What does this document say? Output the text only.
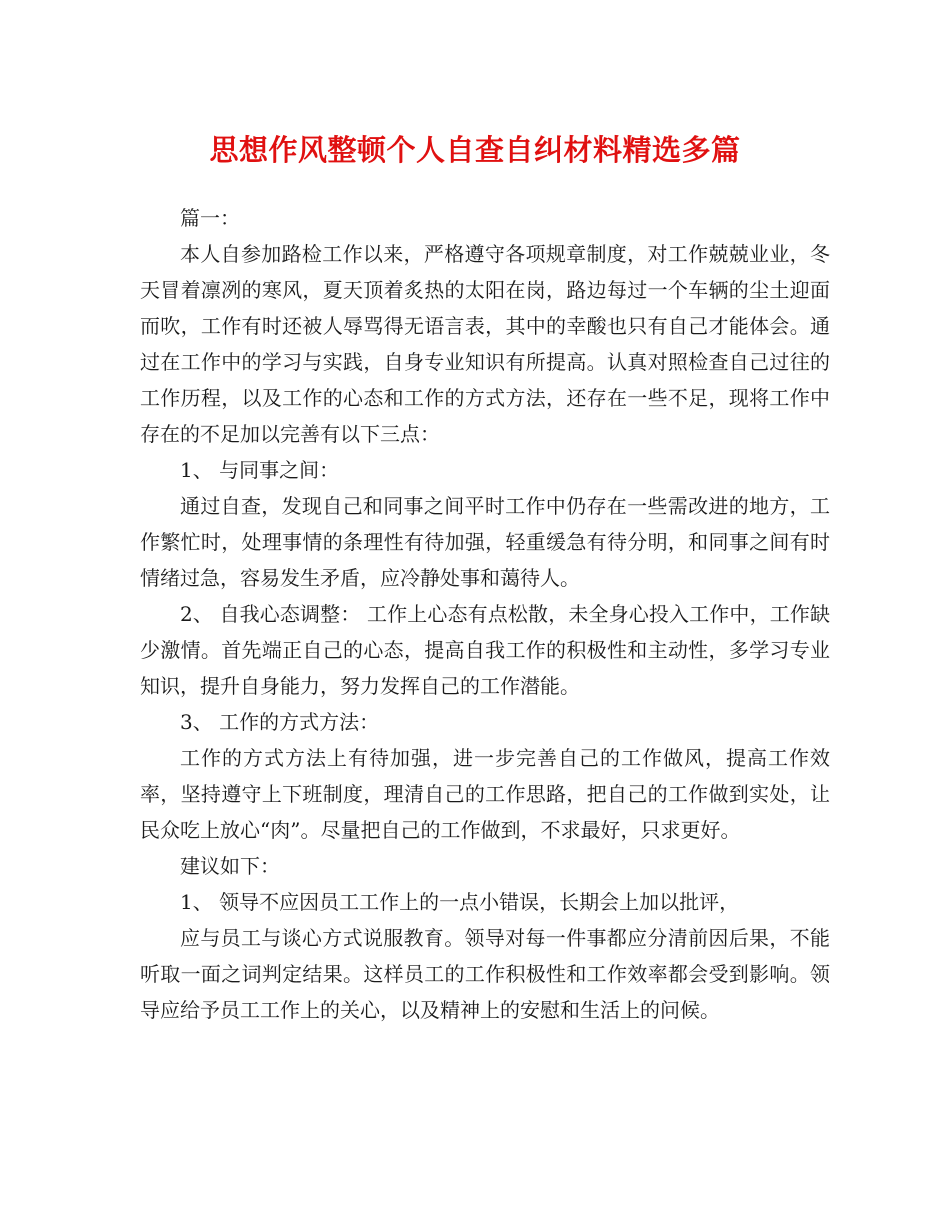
思想作风整顿个人自查自纠材料精选多篇

篇一：

本人自参加路检工作以来，严格遵守各项规章制度，对工作兢兢业业，冬天冒着凛冽的寒风，夏天顶着炙热的太阳在岗，路边每过一个车辆的尘土迎面而吹，工作有时还被人辱骂得无语言表，其中的幸酸也只有自己才能体会。通过在工作中的学习与实践，自身专业知识有所提高。认真对照检查自己过往的工作历程，以及工作的心态和工作的方式方法，还存在一些不足，现将工作中存在的不足加以完善有以下三点：

1、 与同事之间：

通过自查，发现自己和同事之间平时工作中仍存在一些需改进的地方，工作繁忙时，处理事情的条理性有待加强，轻重缓急有待分明，和同事之间有时情绪过急，容易发生矛盾，应冷静处事和蔼待人。

2、 自我心态调整： 工作上心态有点松散，未全身心投入工作中，工作缺少激情。首先端正自己的心态，提高自我工作的积极性和主动性，多学习专业知识，提升自身能力，努力发挥自己的工作潜能。

3、 工作的方式方法：

工作的方式方法上有待加强，进一步完善自己的工作做风，提高工作效率，坚持遵守上下班制度，理清自己的工作思路，把自己的工作做到实处，让民众吃上放心“肉”。尽量把自己的工作做到，不求最好，只求更好。

建议如下：

1、 领导不应因员工工作上的一点小错误，长期会上加以批评，

应与员工与谈心方式说服教育。领导对每一件事都应分清前因后果，不能听取一面之词判定结果。这样员工的工作积极性和工作效率都会受到影响。领导应给予员工工作上的关心，以及精神上的安慰和生活上的问候。
